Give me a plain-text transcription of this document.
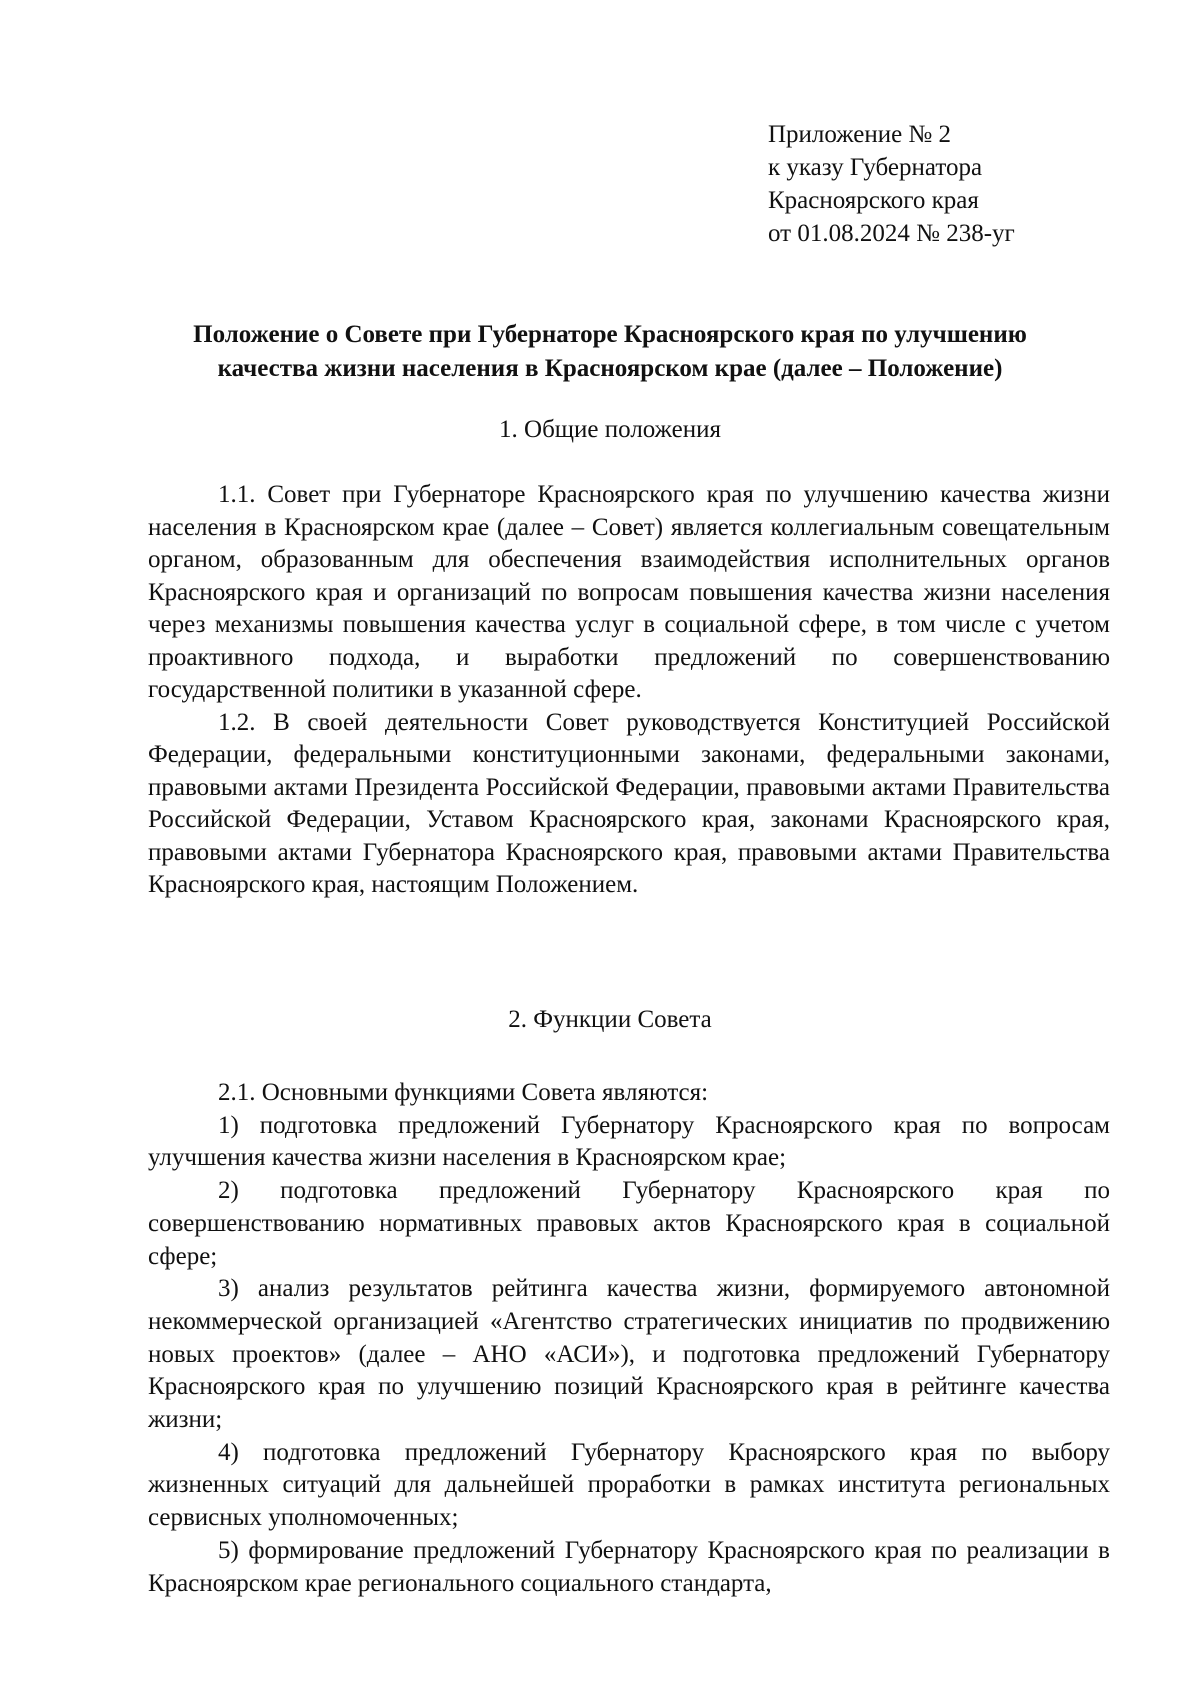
Приложение № 2
к указу Губернатора
Красноярского края
от 01.08.2024 № 238-уг
Положение о Совете при Губернаторе Красноярского края по улучшению
качества жизни населения в Красноярском крае (далее – Положение)
1. Общие положения

1.1. Совет при Губернаторе Красноярского края по улучшению качества жизни населения в Красноярском крае (далее – Совет) является коллегиальным совещательным органом, образованным для обеспечения взаимодействия исполнительных органов Красноярского края и организаций по вопросам повышения качества жизни населения через механизмы повышения качества услуг в социальной сфере, в том числе с учетом проактивного подхода, и выработки предложений по совершенствованию государственной политики в указанной сфере.

1.2. В своей деятельности Совет руководствуется Конституцией Российской Федерации, федеральными конституционными законами, федеральными законами, правовыми актами Президента Российской Федерации, правовыми актами Правительства Российской Федерации, Уставом Красноярского края, законами Красноярского края, правовыми актами Губернатора Красноярского края, правовыми актами Правительства Красноярского края, настоящим Положением.

2. Функции Совета

2.1. Основными функциями Совета являются:

1) подготовка предложений Губернатору Красноярского края по вопросам улучшения качества жизни населения в Красноярском крае;

2) подготовка предложений Губернатору Красноярского края по совершенствованию нормативных правовых актов Красноярского края в социальной сфере;

3) анализ результатов рейтинга качества жизни, формируемого автономной некоммерческой организацией «Агентство стратегических инициатив по продвижению новых проектов» (далее – АНО «АСИ»), и подготовка предложений Губернатору Красноярского края по улучшению позиций Красноярского края в рейтинге качества жизни;

4) подготовка предложений Губернатору Красноярского края по выбору жизненных ситуаций для дальнейшей проработки в рамках института региональных сервисных уполномоченных;

5) формирование предложений Губернатору Красноярского края по реализации в Красноярском крае регионального социального стандарта,
